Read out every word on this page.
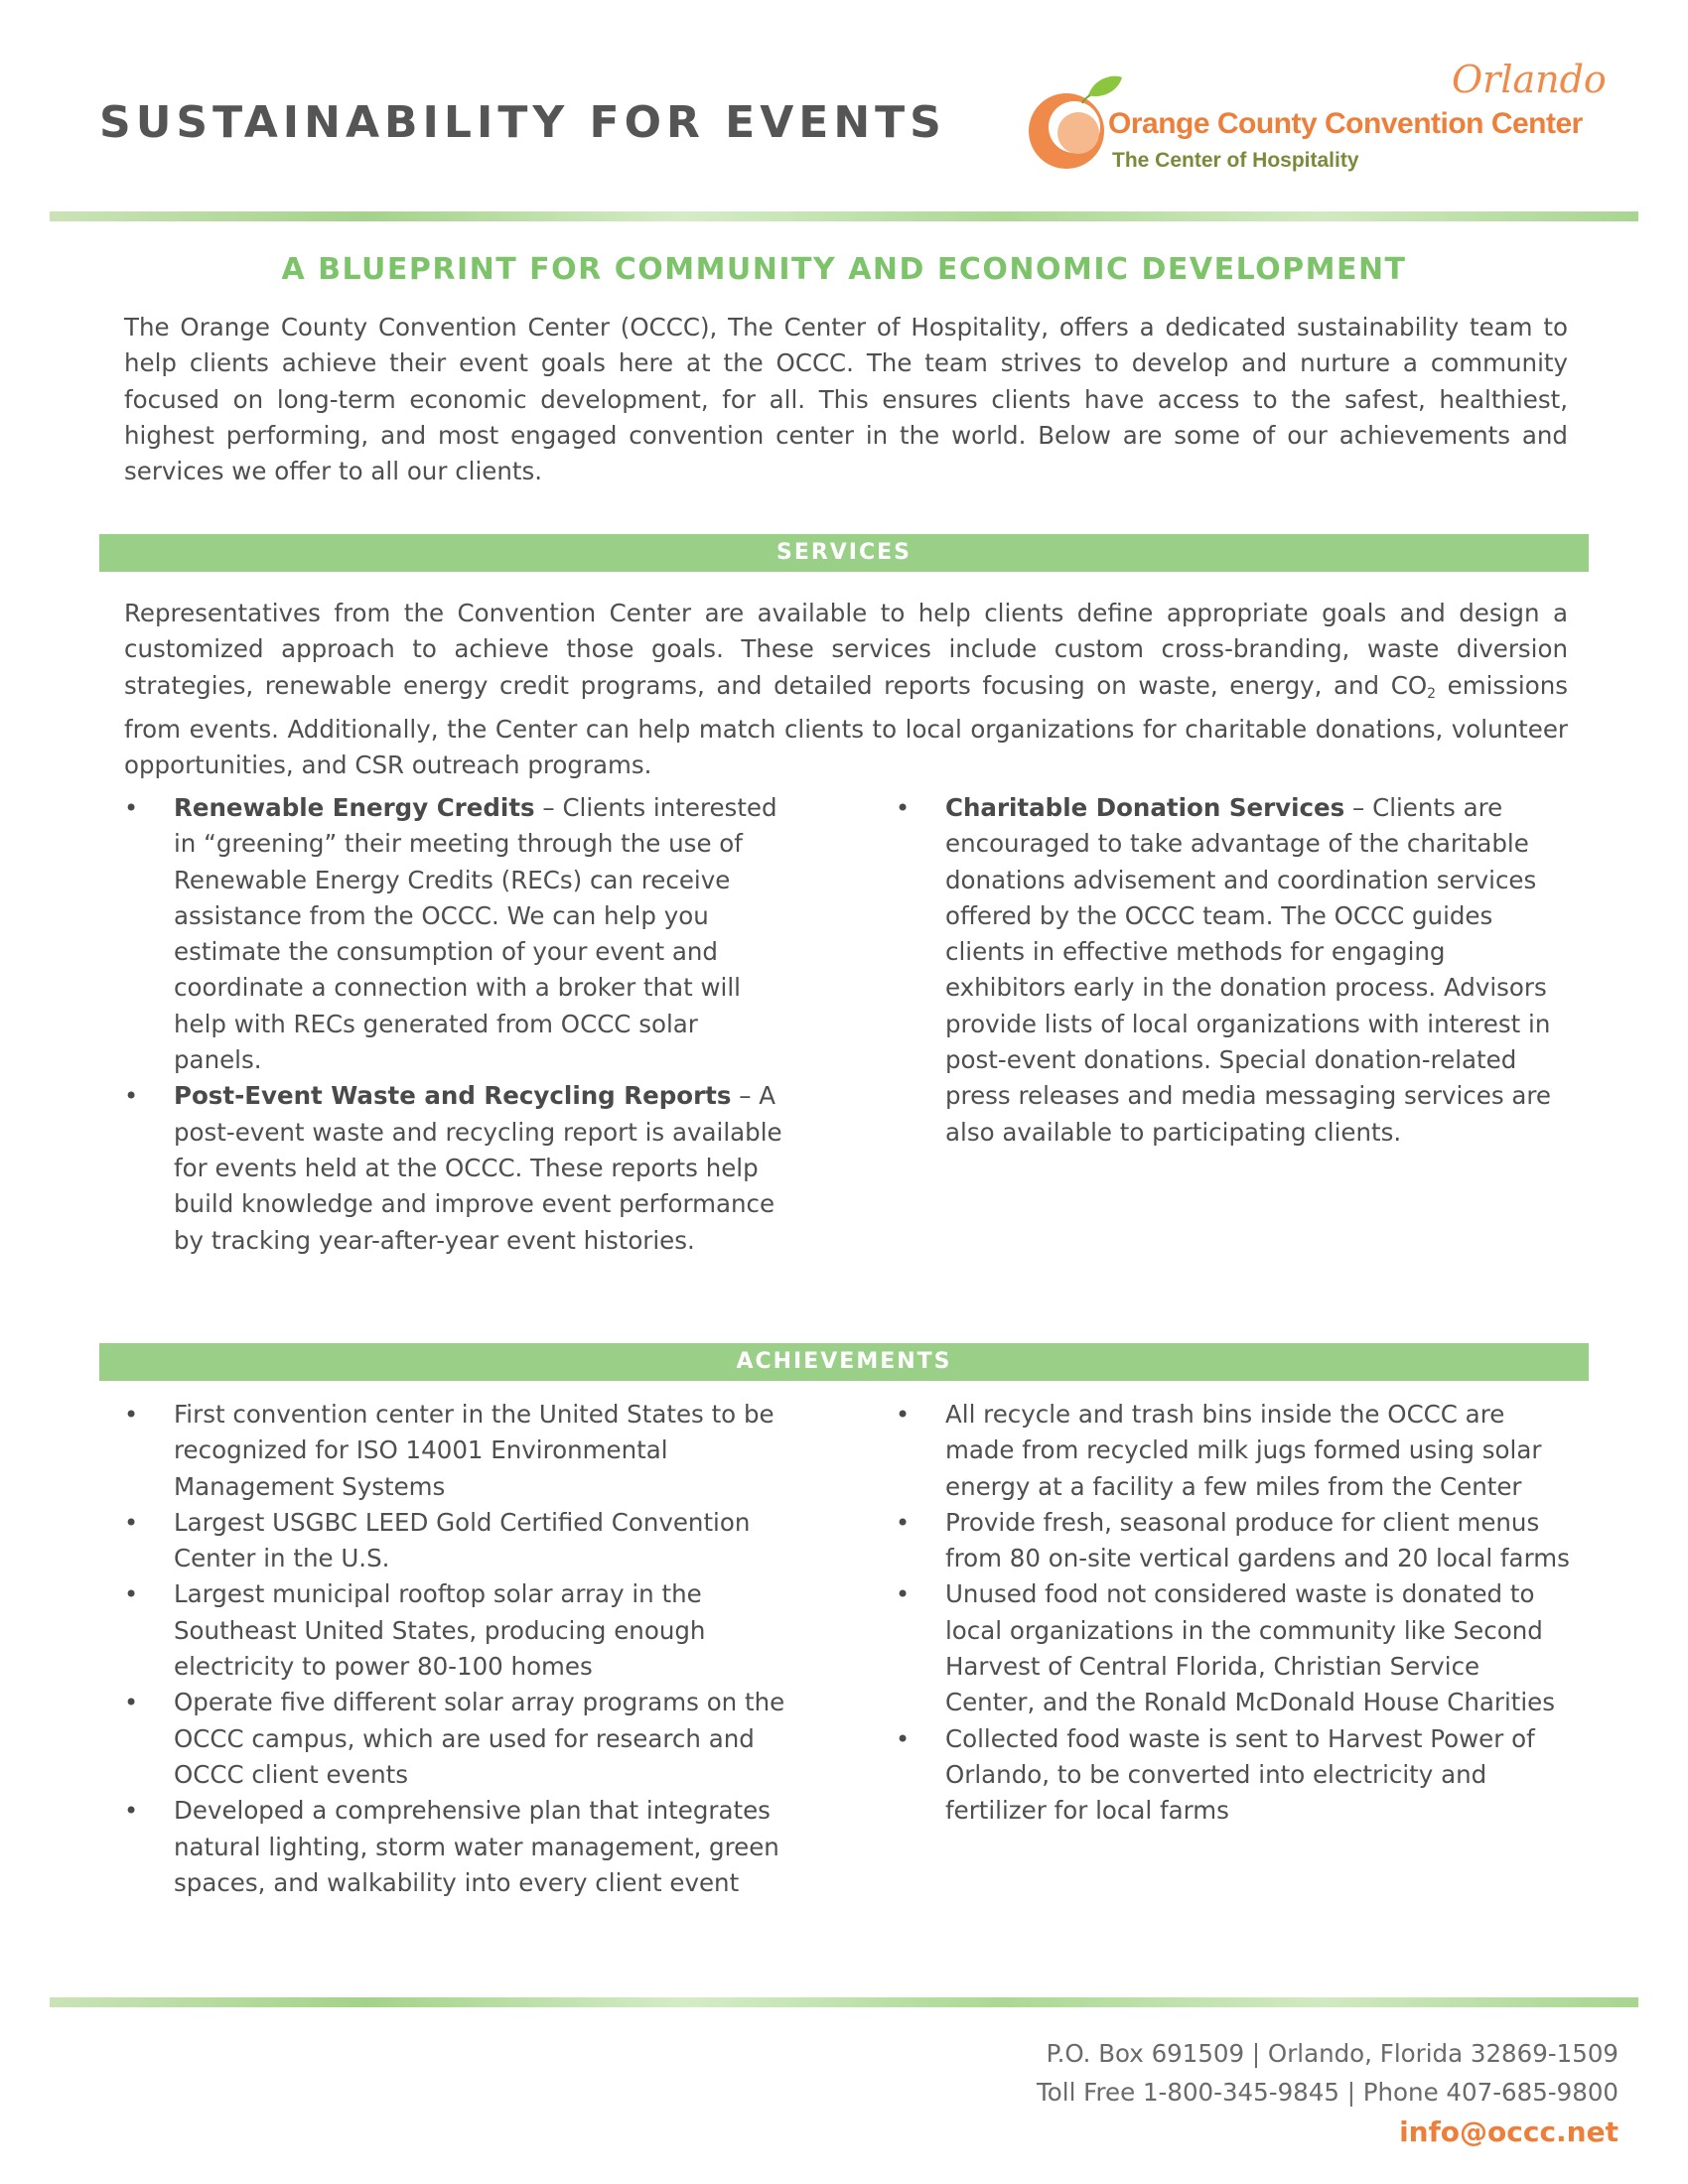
SUSTAINABILITY FOR EVENTS
Orlando
Orange County Convention Center
The Center of Hospitality
A BLUEPRINT FOR COMMUNITY AND ECONOMIC DEVELOPMENT

The Orange County Convention Center (OCCC), The Center of Hospitality, offers a dedicated sustainability team to help clients achieve their event goals here at the OCCC. The team strives to develop and nurture a community focused on long-term economic development, for all. This ensures clients have access to the safest, healthiest, highest performing, and most engaged convention center in the world. Below are some of our achievements and services we offer to all our clients.

SERVICES

Representatives from the Convention Center are available to help clients define appropriate goals and design a customized approach to achieve those goals. These services include custom cross-branding, waste diversion strategies, renewable energy credit programs, and detailed reports focusing on waste, energy, and $CO_2$ emissions from events. Additionally, the Center can help match clients to local organizations for charitable donations, volunteer opportunities, and CSR outreach programs.

• Renewable Energy Credits – Clients interested in “greening” their meeting through the use of Renewable Energy Credits (RECs) can receive assistance from the OCCC. We can help you estimate the consumption of your event and coordinate a connection with a broker that will help with RECs generated from OCCC solar panels.
• Post-Event Waste and Recycling Reports – A post-event waste and recycling report is available for events held at the OCCC. These reports help build knowledge and improve event performance by tracking year-after-year event histories.
• Charitable Donation Services – Clients are encouraged to take advantage of the charitable donations advisement and coordination services offered by the OCCC team. The OCCC guides clients in effective methods for engaging exhibitors early in the donation process. Advisors provide lists of local organizations with interest in post-event donations. Special donation-related press releases and media messaging services are also available to participating clients.
ACHIEVEMENTS
• First convention center in the United States to be recognized for ISO 14001 Environmental Management Systems
• Largest USGBC LEED Gold Certified Convention Center in the U.S.
• Largest municipal rooftop solar array in the Southeast United States, producing enough electricity to power 80-100 homes
• Operate five different solar array programs on the OCCC campus, which are used for research and OCCC client events
• Developed a comprehensive plan that integrates natural lighting, storm water management, green spaces, and walkability into every client event
• All recycle and trash bins inside the OCCC are made from recycled milk jugs formed using solar energy at a facility a few miles from the Center
• Provide fresh, seasonal produce for client menus from 80 on-site vertical gardens and 20 local farms
• Unused food not considered waste is donated to local organizations in the community like Second Harvest of Central Florida, Christian Service Center, and the Ronald McDonald House Charities
• Collected food waste is sent to Harvest Power of Orlando, to be converted into electricity and fertilizer for local farms
P.O. Box 691509 | Orlando, Florida 32869-1509
Toll Free 1-800-345-9845 | Phone 407-685-9800
info@occc.net
